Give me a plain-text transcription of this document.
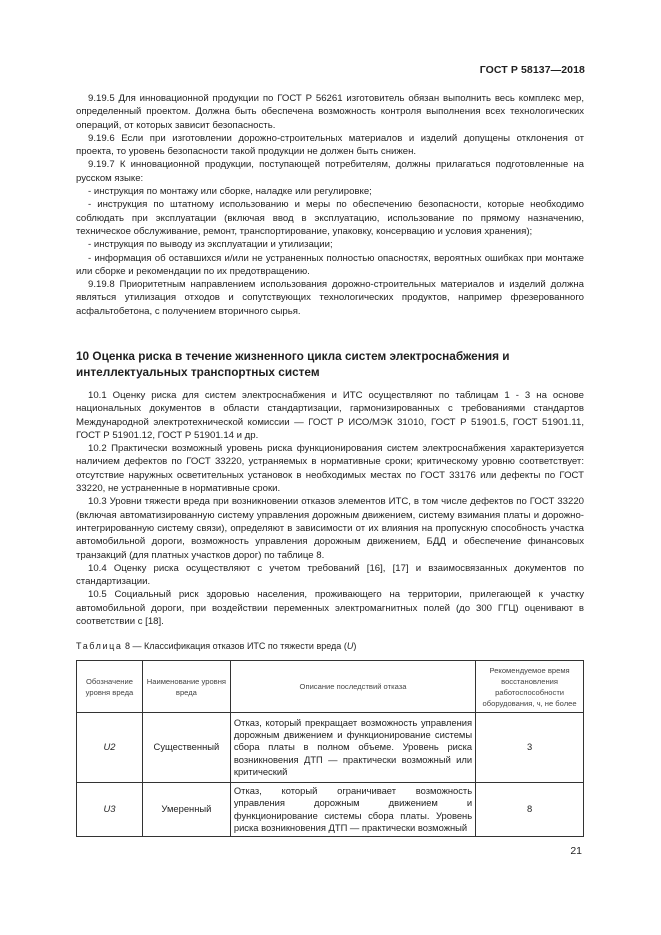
ГОСТ Р 58137—2018

9.19.5 Для инновационной продукции по ГОСТ Р 56261 изготовитель обязан выполнить весь комплекс мер, определенный проектом. Должна быть обеспечена возможность контроля выполнения всех технологических операций, от которых зависит безопасность.

9.19.6 Если при изготовлении дорожно-строительных материалов и изделий допущены отклонения от проекта, то уровень безопасности такой продукции не должен быть снижен.

9.19.7 К инновационной продукции, поступающей потребителям, должны прилагаться подготовленные на русском языке:

- инструкция по монтажу или сборке, наладке или регулировке;

- инструкция по штатному использованию и меры по обеспечению безопасности, которые необходимо соблюдать при эксплуатации (включая ввод в эксплуатацию, использование по прямому назначению, техническое обслуживание, ремонт, транспортирование, упаковку, консервацию и условия хранения);

- инструкция по выводу из эксплуатации и утилизации;

- информация об оставшихся и/или не устраненных полностью опасностях, вероятных ошибках при монтаже или сборке и рекомендации по их предотвращению.

9.19.8 Приоритетным направлением использования дорожно-строительных материалов и изделий должна являться утилизация отходов и сопутствующих технологических продуктов, например фрезерованного асфальтобетона, с получением вторичного сырья.

10 Оценка риска в течение жизненного цикла систем электроснабжения и интеллектуальных транспортных систем

10.1 Оценку риска для систем электроснабжения и ИТС осуществляют по таблицам 1 - 3 на основе национальных документов в области стандартизации, гармонизированных с требованиями стандартов Международной электротехнической комиссии — ГОСТ Р ИСО/МЭК 31010, ГОСТ Р 51901.5, ГОСТ 51901.11, ГОСТ Р 51901.12, ГОСТ Р 51901.14 и др.

10.2 Практически возможный уровень риска функционирования систем электроснабжения характеризуется наличием дефектов по ГОСТ 33220, устраняемых в нормативные сроки; критическому уровню соответствует: отсутствие наружных осветительных установок в необходимых местах по ГОСТ 33176 или дефекты по ГОСТ 33220, не устраненные в нормативные сроки.

10.3 Уровни тяжести вреда при возникновении отказов элементов ИТС, в том числе дефектов по ГОСТ 33220 (включая автоматизированную систему управления дорожным движением, систему взимания платы и дорожно-интегрированную систему связи), определяют в зависимости от их влияния на пропускную способность участка автомобильной дороги, возможность управления дорожным движением, БДД и обеспечение финансовых транзакций (для платных участков дорог) по таблице 8.

10.4 Оценку риска осуществляют с учетом требований [16], [17] и взаимосвязанных документов по стандартизации.

10.5 Социальный риск здоровью населения, проживающего на территории, прилегающей к участку автомобильной дороги, при воздействии переменных электромагнитных полей (до 300 ГГЦ) оценивают в соответствии с [18].

Таблица 8 — Классификация отказов ИТС по тяжести вреда (U)
Обозначение уровня вреда	Наименование уровня вреда	Описание последствий отказа	Рекомендуемое время восстановления работоспособности оборудования, ч, не более
U2	Существенный	Отказ, который прекращает возможность управления дорожным движением и функционирование системы сбора платы в полном объеме. Уровень риска возникновения ДТП — практически возможный или критический	3
U3	Умеренный	Отказ, который ограничивает возможность управления дорожным движением и функционирование системы сбора платы. Уровень риска возникновения ДТП — практически возможный	8
21
